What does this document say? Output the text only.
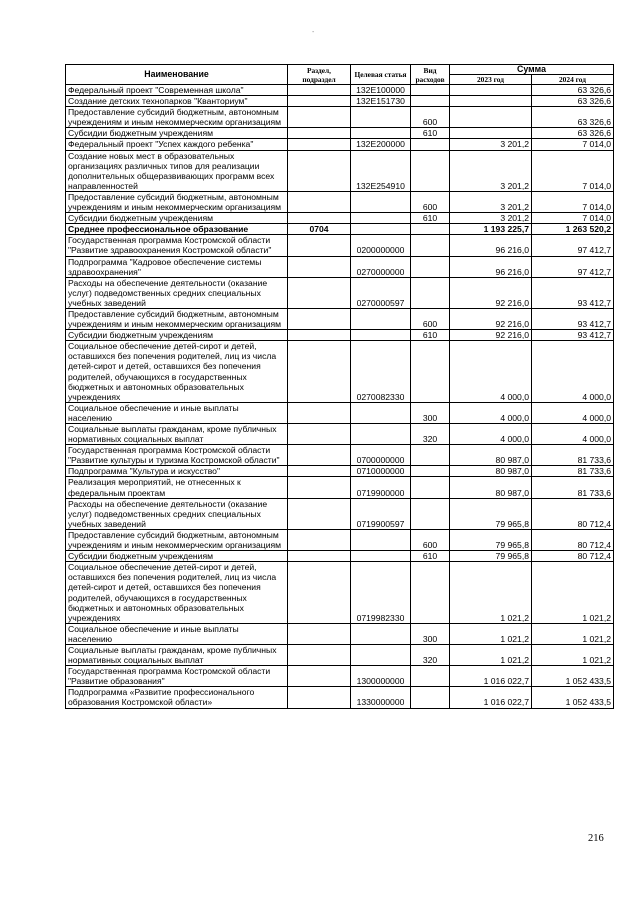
-
Наименование	Раздел, подраздел	Целевая статья	Вид расходов	Сумма	
				2023 год	2024 год
Федеральный проект "Современная школа"		132Е100000			63 326,6
Создание детских технопарков "Кванториум"		132Е151730			63 326,6
Предоставление субсидий бюджетным, автономным учреждениям и иным некоммерческим организациям			600		63 326,6
Субсидии бюджетным учреждениям			610		63 326,6
Федеральный проект "Успех каждого ребенка"		132Е200000		3 201,2	7 014,0
Создание новых мест в образовательных организациях различных типов для реализации дополнительных общеразвивающих программ всех направленностей		132Е254910		3 201,2	7 014,0
Предоставление субсидий бюджетным, автономным учреждениям и иным некоммерческим организациям			600	3 201,2	7 014,0
Субсидии бюджетным учреждениям			610	3 201,2	7 014,0
Среднее профессиональное образование	0704			1 193 225,7	1 263 520,2
Государственная программа Костромской области "Развитие здравоохранения Костромской области"		0200000000		96 216,0	97 412,7
Подпрограмма "Кадровое обеспечение системы здравоохранения"		0270000000		96 216,0	97 412,7
Расходы на обеспечение деятельности (оказание услуг) подведомственных средних специальных учебных заведений		0270000597		92 216,0	93 412,7
Предоставление субсидий бюджетным, автономным учреждениям и иным некоммерческим организациям			600	92 216,0	93 412,7
Субсидии бюджетным учреждениям			610	92 216,0	93 412,7
Социальное обеспечение детей-сирот и детей, оставшихся без попечения родителей, лиц из числа детей-сирот и детей, оставшихся без попечения родителей, обучающихся в государственных бюджетных и автономных образовательных учреждениях		0270082330		4 000,0	4 000,0
Социальное обеспечение и иные выплаты населению			300	4 000,0	4 000,0
Социальные выплаты гражданам, кроме публичных нормативных социальных выплат			320	4 000,0	4 000,0
Государственная программа Костромской области "Развитие культуры и туризма Костромской области"		0700000000		80 987,0	81 733,6
Подпрограмма "Культура и искусство"		0710000000		80 987,0	81 733,6
Реализация мероприятий, не отнесенных к федеральным проектам		0719900000		80 987,0	81 733,6
Расходы на обеспечение деятельности (оказание услуг) подведомственных средних специальных учебных заведений		0719900597		79 965,8	80 712,4
Предоставление субсидий бюджетным, автономным учреждениям и иным некоммерческим организациям			600	79 965,8	80 712,4
Субсидии бюджетным учреждениям			610	79 965,8	80 712,4
Социальное обеспечение детей-сирот и детей, оставшихся без попечения родителей, лиц из числа детей-сирот и детей, оставшихся без попечения родителей, обучающихся в государственных бюджетных и автономных образовательных учреждениях		0719982330		1 021,2	1 021,2
Социальное обеспечение и иные выплаты населению			300	1 021,2	1 021,2
Социальные выплаты гражданам, кроме публичных нормативных социальных выплат			320	1 021,2	1 021,2
Государственная программа Костромской области "Развитие образования"		1300000000		1 016 022,7	1 052 433,5
Подпрограмма «Развитие профессионального образования Костромской области»		1330000000		1 016 022,7	1 052 433,5
216
